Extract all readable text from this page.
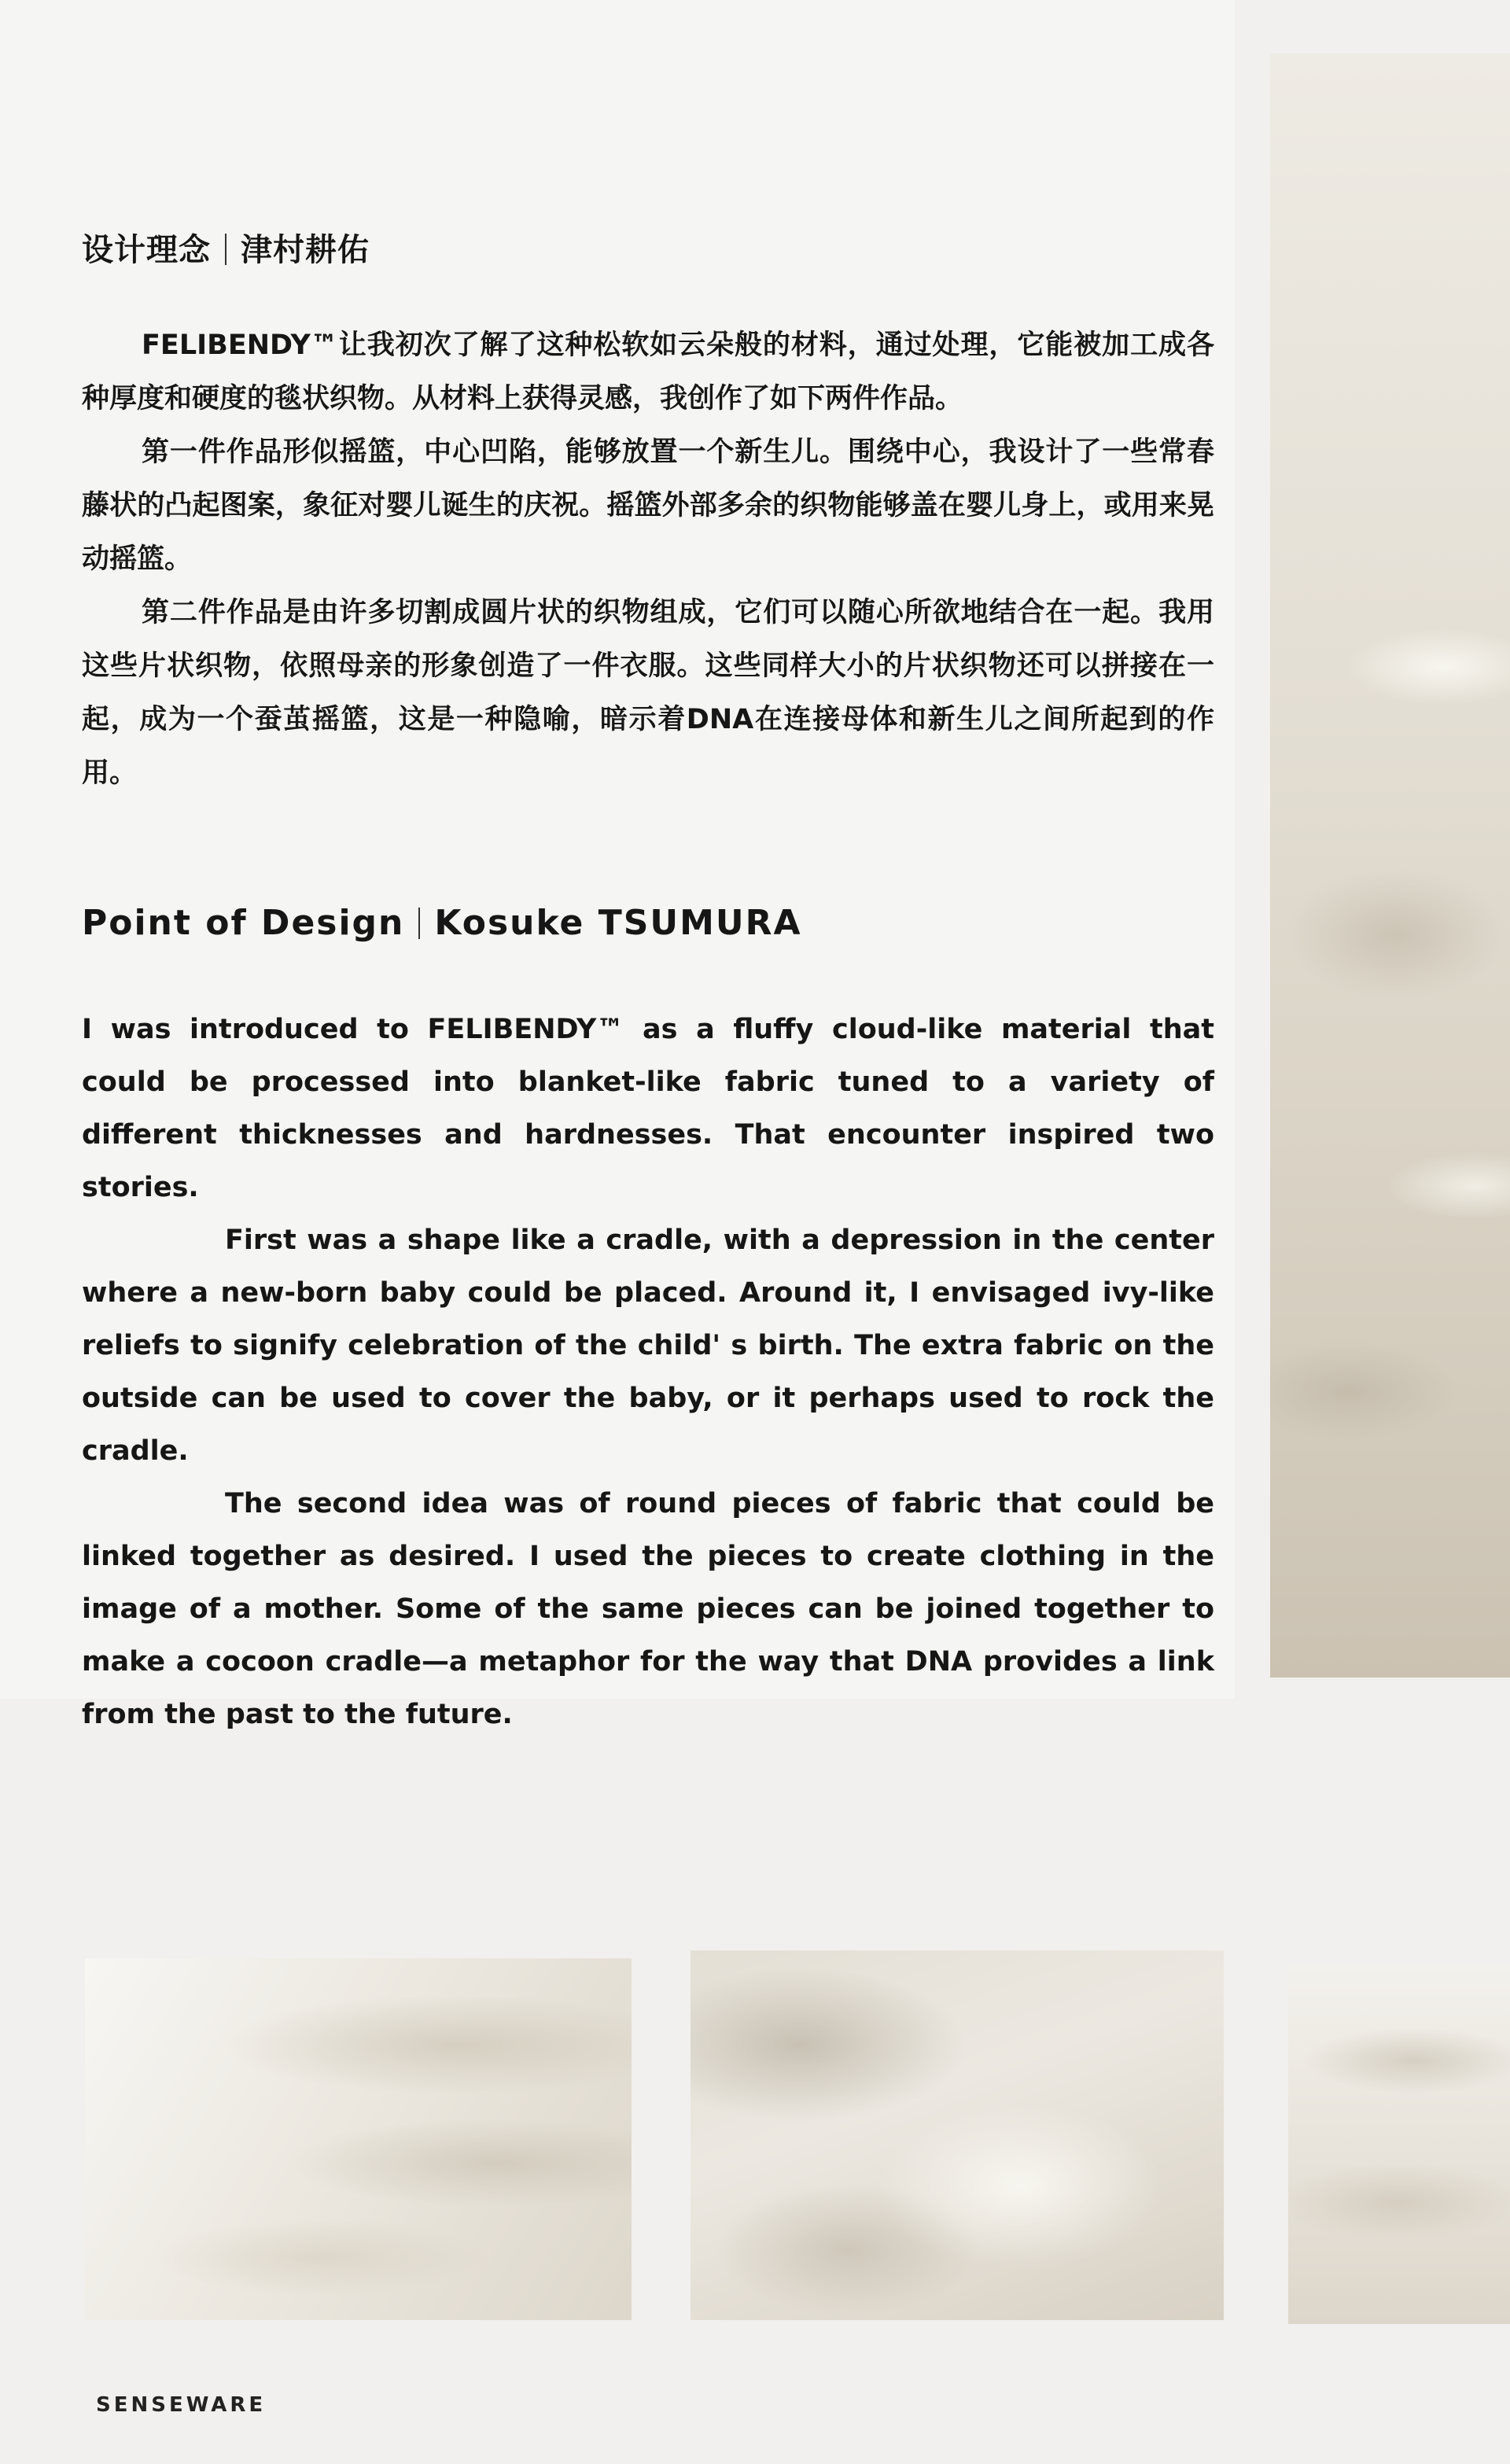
设计理念 津村耕佑

FELIBENDY™让我初次了解了这种松软如云朵般的材料，通过处理，它能被加工成各种厚度和硬度的毯状织物。从材料上获得灵感，我创作了如下两件作品。

第一件作品形似摇篮，中心凹陷，能够放置一个新生儿。围绕中心，我设计了一些常春藤状的凸起图案，象征对婴儿诞生的庆祝。摇篮外部多余的织物能够盖在婴儿身上，或用来晃动摇篮。

第二件作品是由许多切割成圆片状的织物组成，它们可以随心所欲地结合在一起。我用这些片状织物，依照母亲的形象创造了一件衣服。这些同样大小的片状织物还可以拼接在一起，成为一个蚕茧摇篮，这是一种隐喻，暗示着DNA在连接母体和新生儿之间所起到的作用。

Point of Design Kosuke TSUMURA

I was introduced to FELIBENDY™ as a fluffy cloud-like material that could be processed into blanket-like fabric tuned to a variety of different thicknesses and hardnesses. That encounter inspired two stories.

First was a shape like a cradle, with a depression in the center where a new-born baby could be placed. Around it, I envisaged ivy-like reliefs to signify celebration of the child' s birth. The extra fabric on the outside can be used to cover the baby, or it perhaps used to rock the cradle.

The second idea was of round pieces of fabric that could be linked together as desired. I used the pieces to create clothing in the image of a mother. Some of the same pieces can be joined together to make a cocoon cradle—a metaphor for the way that DNA provides a link from the past to the future.

SENSEWARE
